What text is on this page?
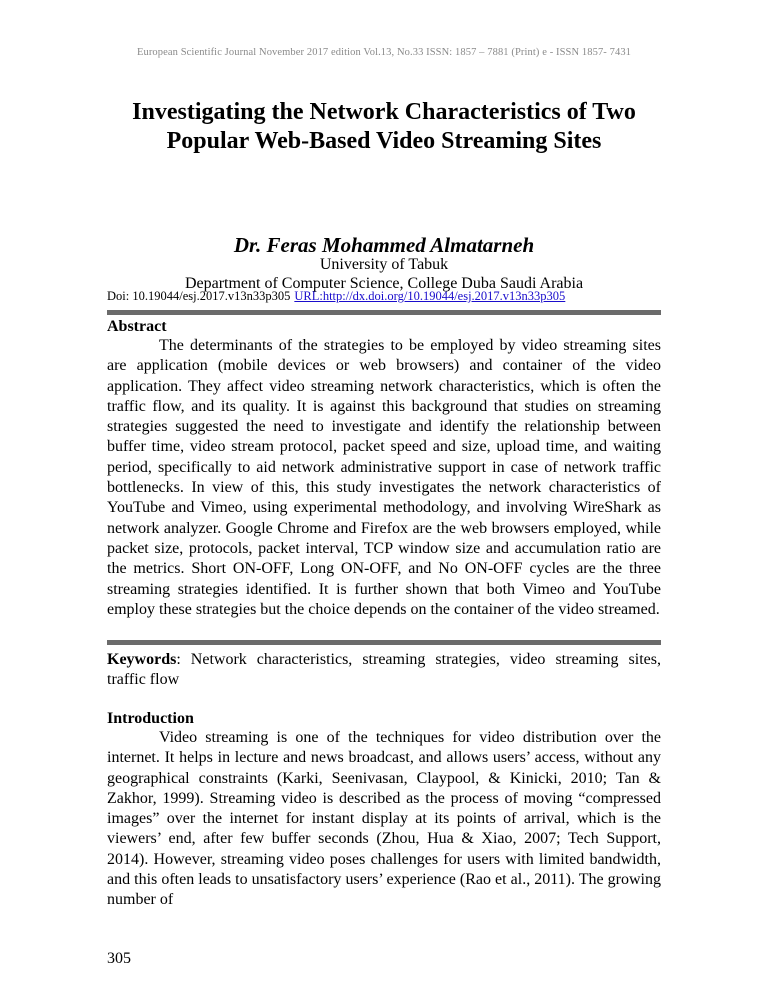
European Scientific Journal November 2017 edition Vol.13, No.33 ISSN: 1857 – 7881 (Print) e - ISSN 1857- 7431
Investigating the Network Characteristics of Two
Popular Web-Based Video Streaming Sites
Dr. Feras Mohammed Almatarneh
University of Tabuk
Department of Computer Science, College Duba Saudi Arabia
Doi: 10.19044/esj.2017.v13n33p305 URL:http://dx.doi.org/10.19044/esj.2017.v13n33p305
Abstract

The determinants of the strategies to be employed by video streaming sites are application (mobile devices or web browsers) and container of the video application. They affect video streaming network characteristics, which is often the traffic flow, and its quality. It is against this background that studies on streaming strategies suggested the need to investigate and identify the relationship between buffer time, video stream protocol, packet speed and size, upload time, and waiting period, specifically to aid network administrative support in case of network traffic bottlenecks. In view of this, this study investigates the network characteristics of YouTube and Vimeo, using experimental methodology, and involving WireShark as network analyzer. Google Chrome and Firefox are the web browsers employed, while packet size, protocols, packet interval, TCP window size and accumulation ratio are the metrics. Short ON-OFF, Long ON-OFF, and No ON-OFF cycles are the three streaming strategies identified. It is further shown that both Vimeo and YouTube employ these strategies but the choice depends on the container of the video streamed.

Keywords: Network characteristics, streaming strategies, video streaming sites, traffic flow
Introduction

Video streaming is one of the techniques for video distribution over the internet. It helps in lecture and news broadcast, and allows users’ access, without any geographical constraints (Karki, Seenivasan, Claypool, & Kinicki, 2010; Tan & Zakhor, 1999). Streaming video is described as the process of moving “compressed images” over the internet for instant display at its points of arrival, which is the viewers’ end, after few buffer seconds (Zhou, Hua & Xiao, 2007; Tech Support, 2014). However, streaming video poses challenges for users with limited bandwidth, and this often leads to unsatisfactory users’ experience (Rao et al., 2011). The growing number of

305
